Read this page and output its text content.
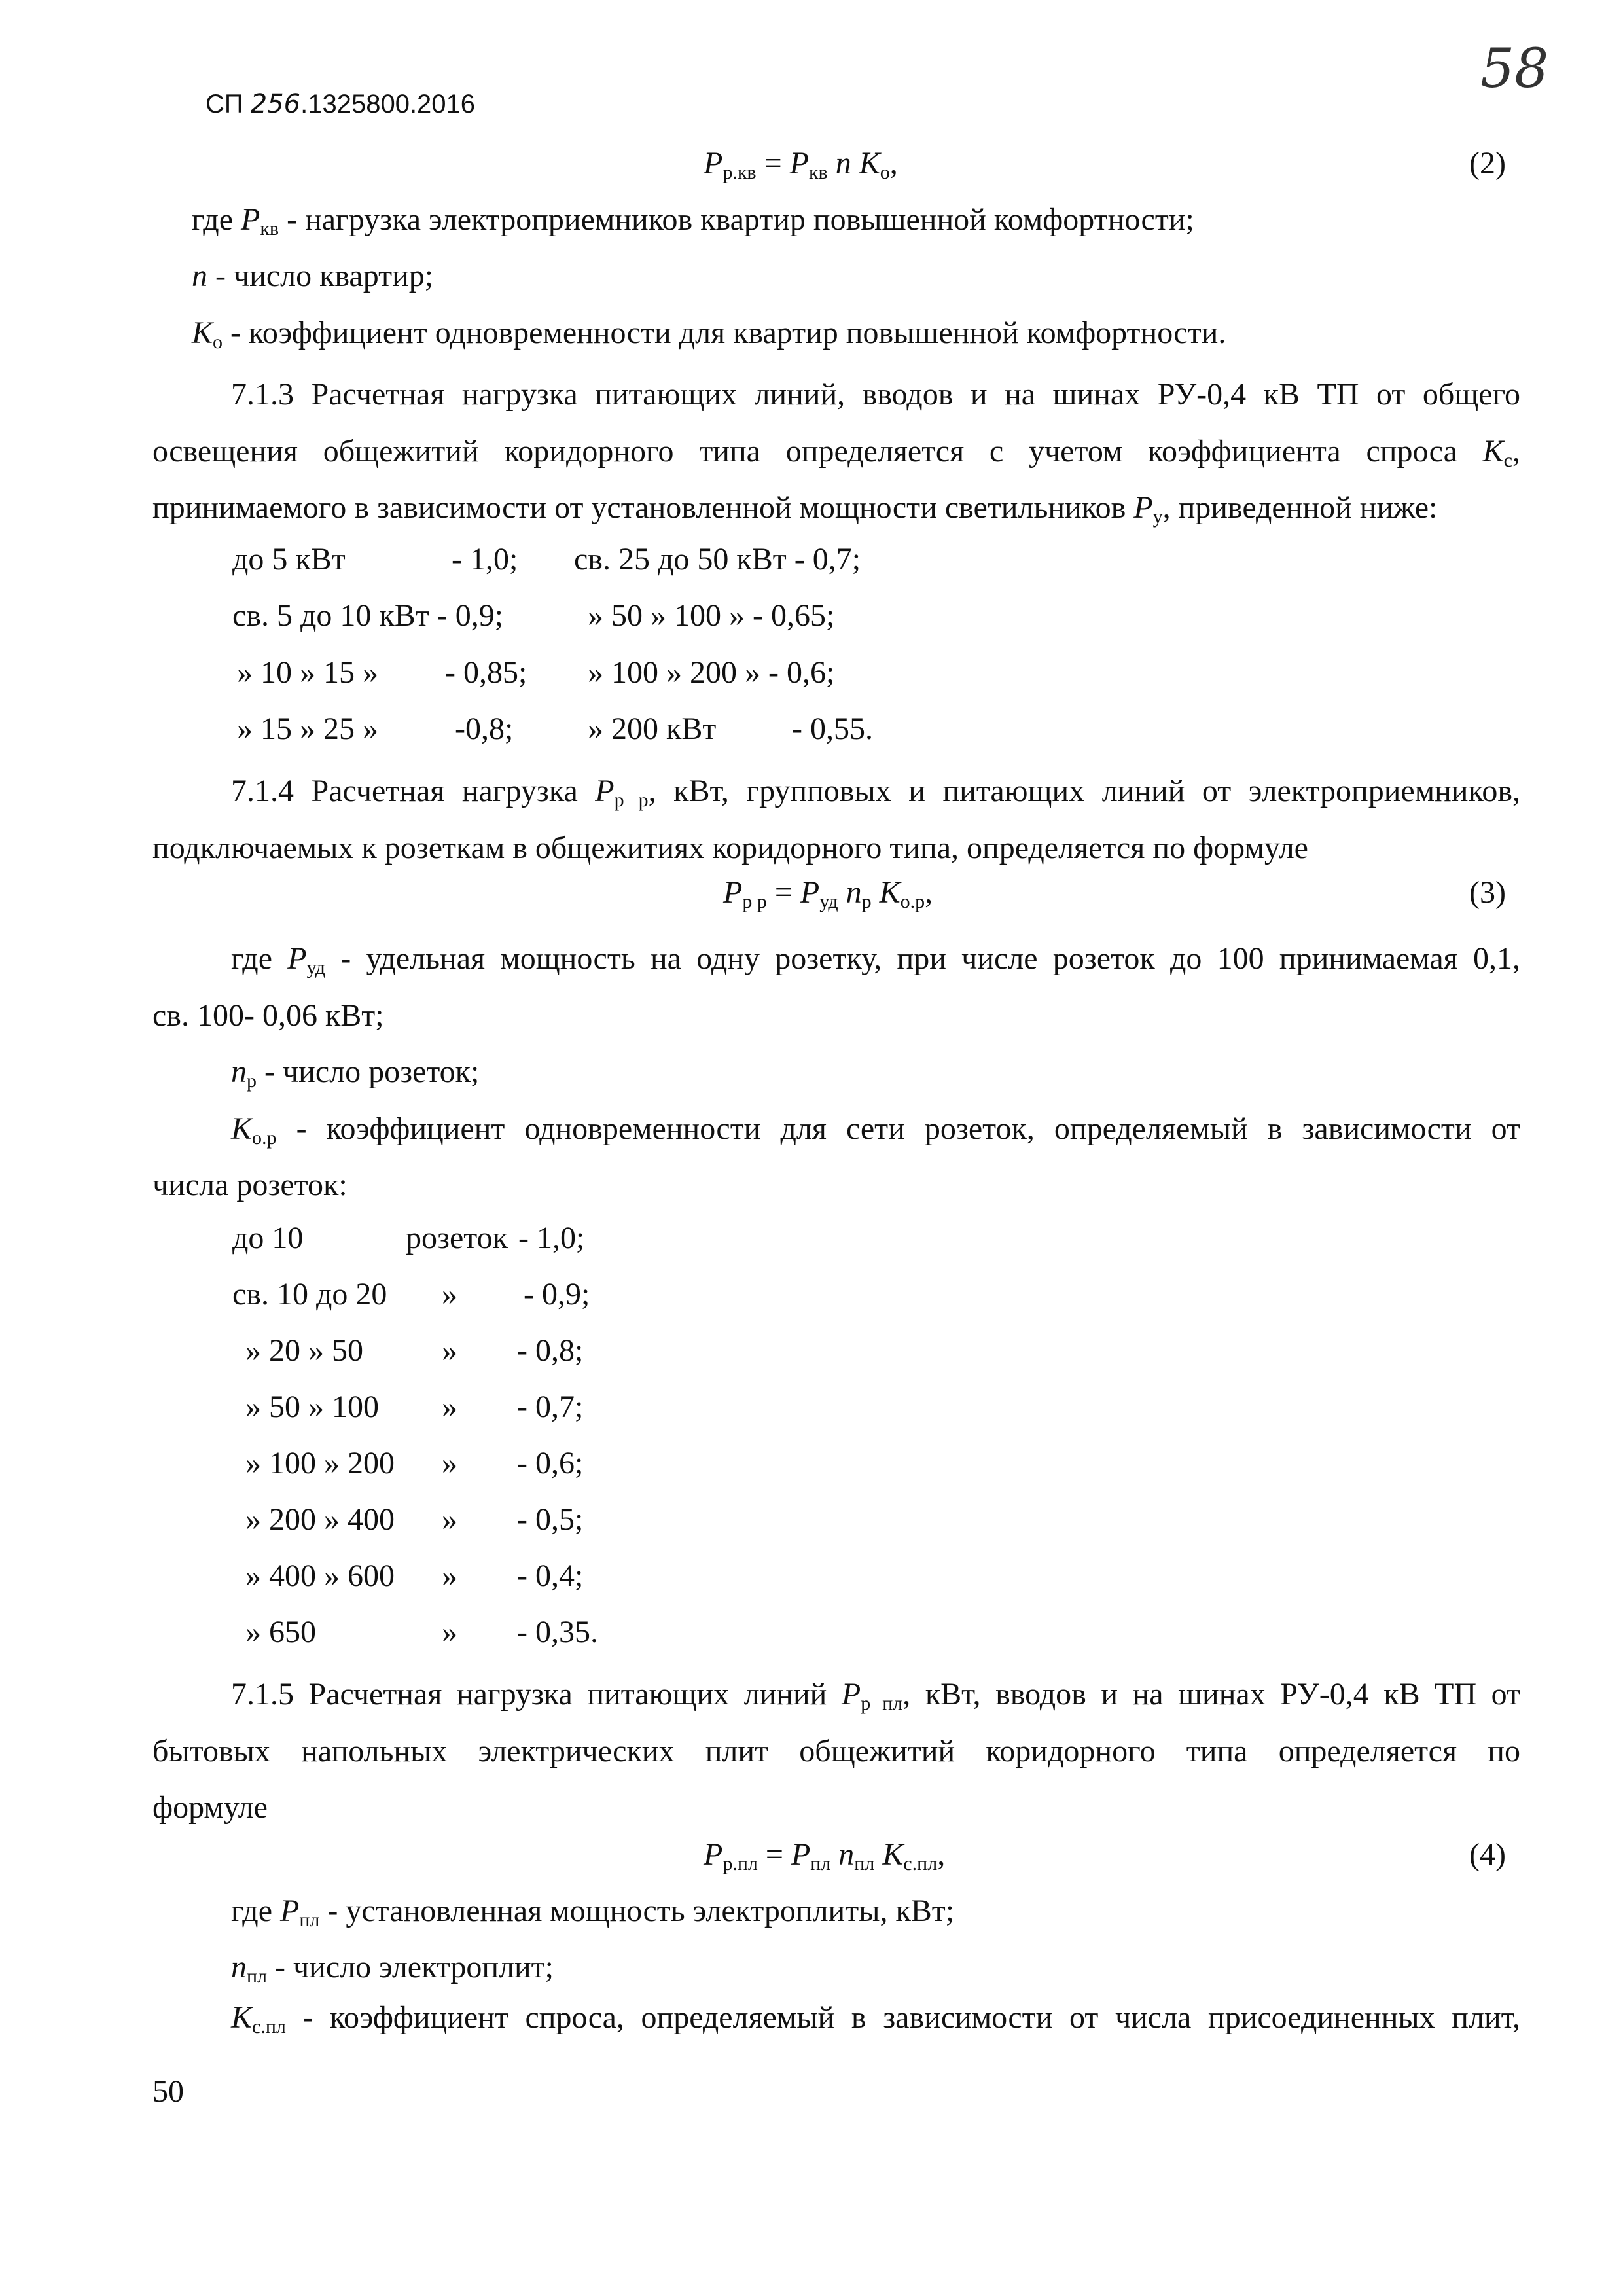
СП 256.1325800.2016
58
$P_{р.кв} = P_{кв}$ n $K_о$,	(2)
где $P_{кв}$ - нагрузка электроприемников квартир повышенной комфортности;
n - число квартир;
$K_о$ - коэффициент одновременности для квартир повышенной комфортности.
7.1.3 Расчетная нагрузка питающих линий, вводов и на шинах РУ-0,4 кВ ТП от общего
освещения общежитий коридорного типа определяется с учетом коэффициента спроса $K_с$,
принимаемого в зависимости от установленной мощности светильников $P_у$, приведенной ниже:
до 5 кВт	- 1,0; св. 25 до 50 кВт - 0,7;
св. 5 до 10 кВт - 0,9;	» 50 » 100 » - 0,65;
» 10 » 15 » - 0,85; » 100 » 200 » - 0,6;
» 15 » 25 » -0,8; » 200 кВт - 0,55.
7.1.4 Расчетная нагрузка $P_{р р}$, кВт, групповых и питающих линий от электроприемников,
подключаемых к розеткам в общежитиях коридорного типа, определяется по формуле
$P_{р р} = P_{уд}$ $n_р$ $K_{о.р}$,	(3)
где $P_{уд}$ - удельная мощность на одну розетку, при числе розеток до 100 принимаемая 0,1,
св. 100- 0,06 кВт;
$n_р$ - число розеток;
$K_{о.р}$ - коэффициент одновременности для сети розеток, определяемый в зависимости от
числа розеток:
до 10	розеток - 1,0;
св. 10 до 20 » - 0,9;
» 20 » 50	» - 0,8;
» 50 » 100 » - 0,7;
» 100 » 200 » - 0,6;
» 200 » 400 » - 0,5;
» 400 » 600 » - 0,4;
» 650	» - 0,35.
7.1.5 Расчетная нагрузка питающих линий $P_{р пл}$, кВт, вводов и на шинах РУ-0,4 кВ ТП от
бытовых напольных электрических плит общежитий коридорного типа определяется по
формуле
$P_{р.пл} = P_{пл}$ $n_{пл}$ $K_{с.пл}$,	(4)
где $P_{пл}$ - установленная мощность электроплиты, кВт;
$n_{пл}$ - число электроплит;
$K_{с.пл}$ - коэффициент спроса, определяемый в зависимости от числа присоединенных плит,
50
